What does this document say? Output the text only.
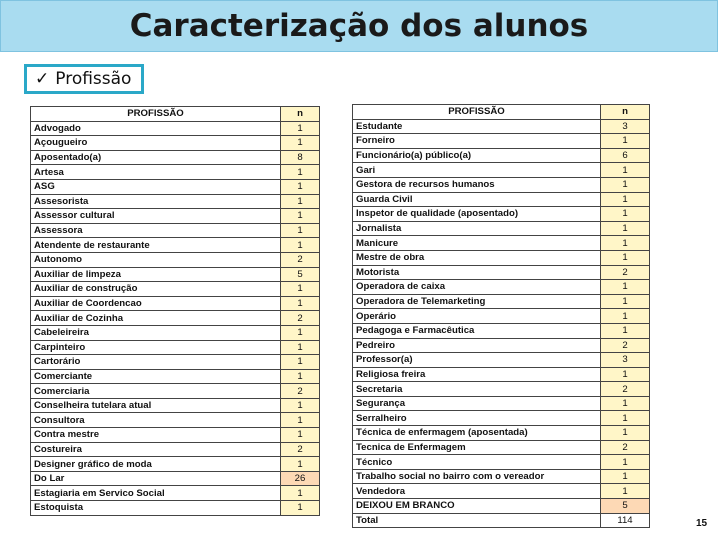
Caracterização dos alunos
✓ Profissão
PROFISSÃO	n
Advogado	1
Açougueiro	1
Aposentado(a)	8
Artesa	1
ASG	1
Assesorista	1
Assessor cultural	1
Assessora	1
Atendente de restaurante	1
Autonomo	2
Auxiliar de limpeza	5
Auxiliar de construção	1
Auxiliar de Coordencao	1
Auxiliar de Cozinha	2
Cabeleireira	1
Carpinteiro	1
Cartorário	1
Comerciante	1
Comerciaria	2
Conselheira tutelara atual	1
Consultora	1
Contra mestre	1
Costureira	2
Designer gráfico de moda	1
Do Lar	26
Estagiaria em Servico Social	1
Estoquista	1
PROFISSÃO	n
Estudante	3
Forneiro	1
Funcionário(a) público(a)	6
Gari	1
Gestora de recursos humanos	1
Guarda Civil	1
Inspetor de qualidade (aposentado)	1
Jornalista	1
Manicure	1
Mestre de obra	1
Motorista	2
Operadora de caixa	1
Operadora de Telemarketing	1
Operário	1
Pedagoga e Farmacêutica	1
Pedreiro	2
Professor(a)	3
Religiosa freira	1
Secretaria	2
Segurança	1
Serralheiro	1
Técnica de enfermagem (aposentada)	1
Tecnica de Enfermagem	2
Técnico	1
Trabalho social no bairro com o vereador	1
Vendedora	1
DEIXOU EM BRANCO	5
Total	114	15
